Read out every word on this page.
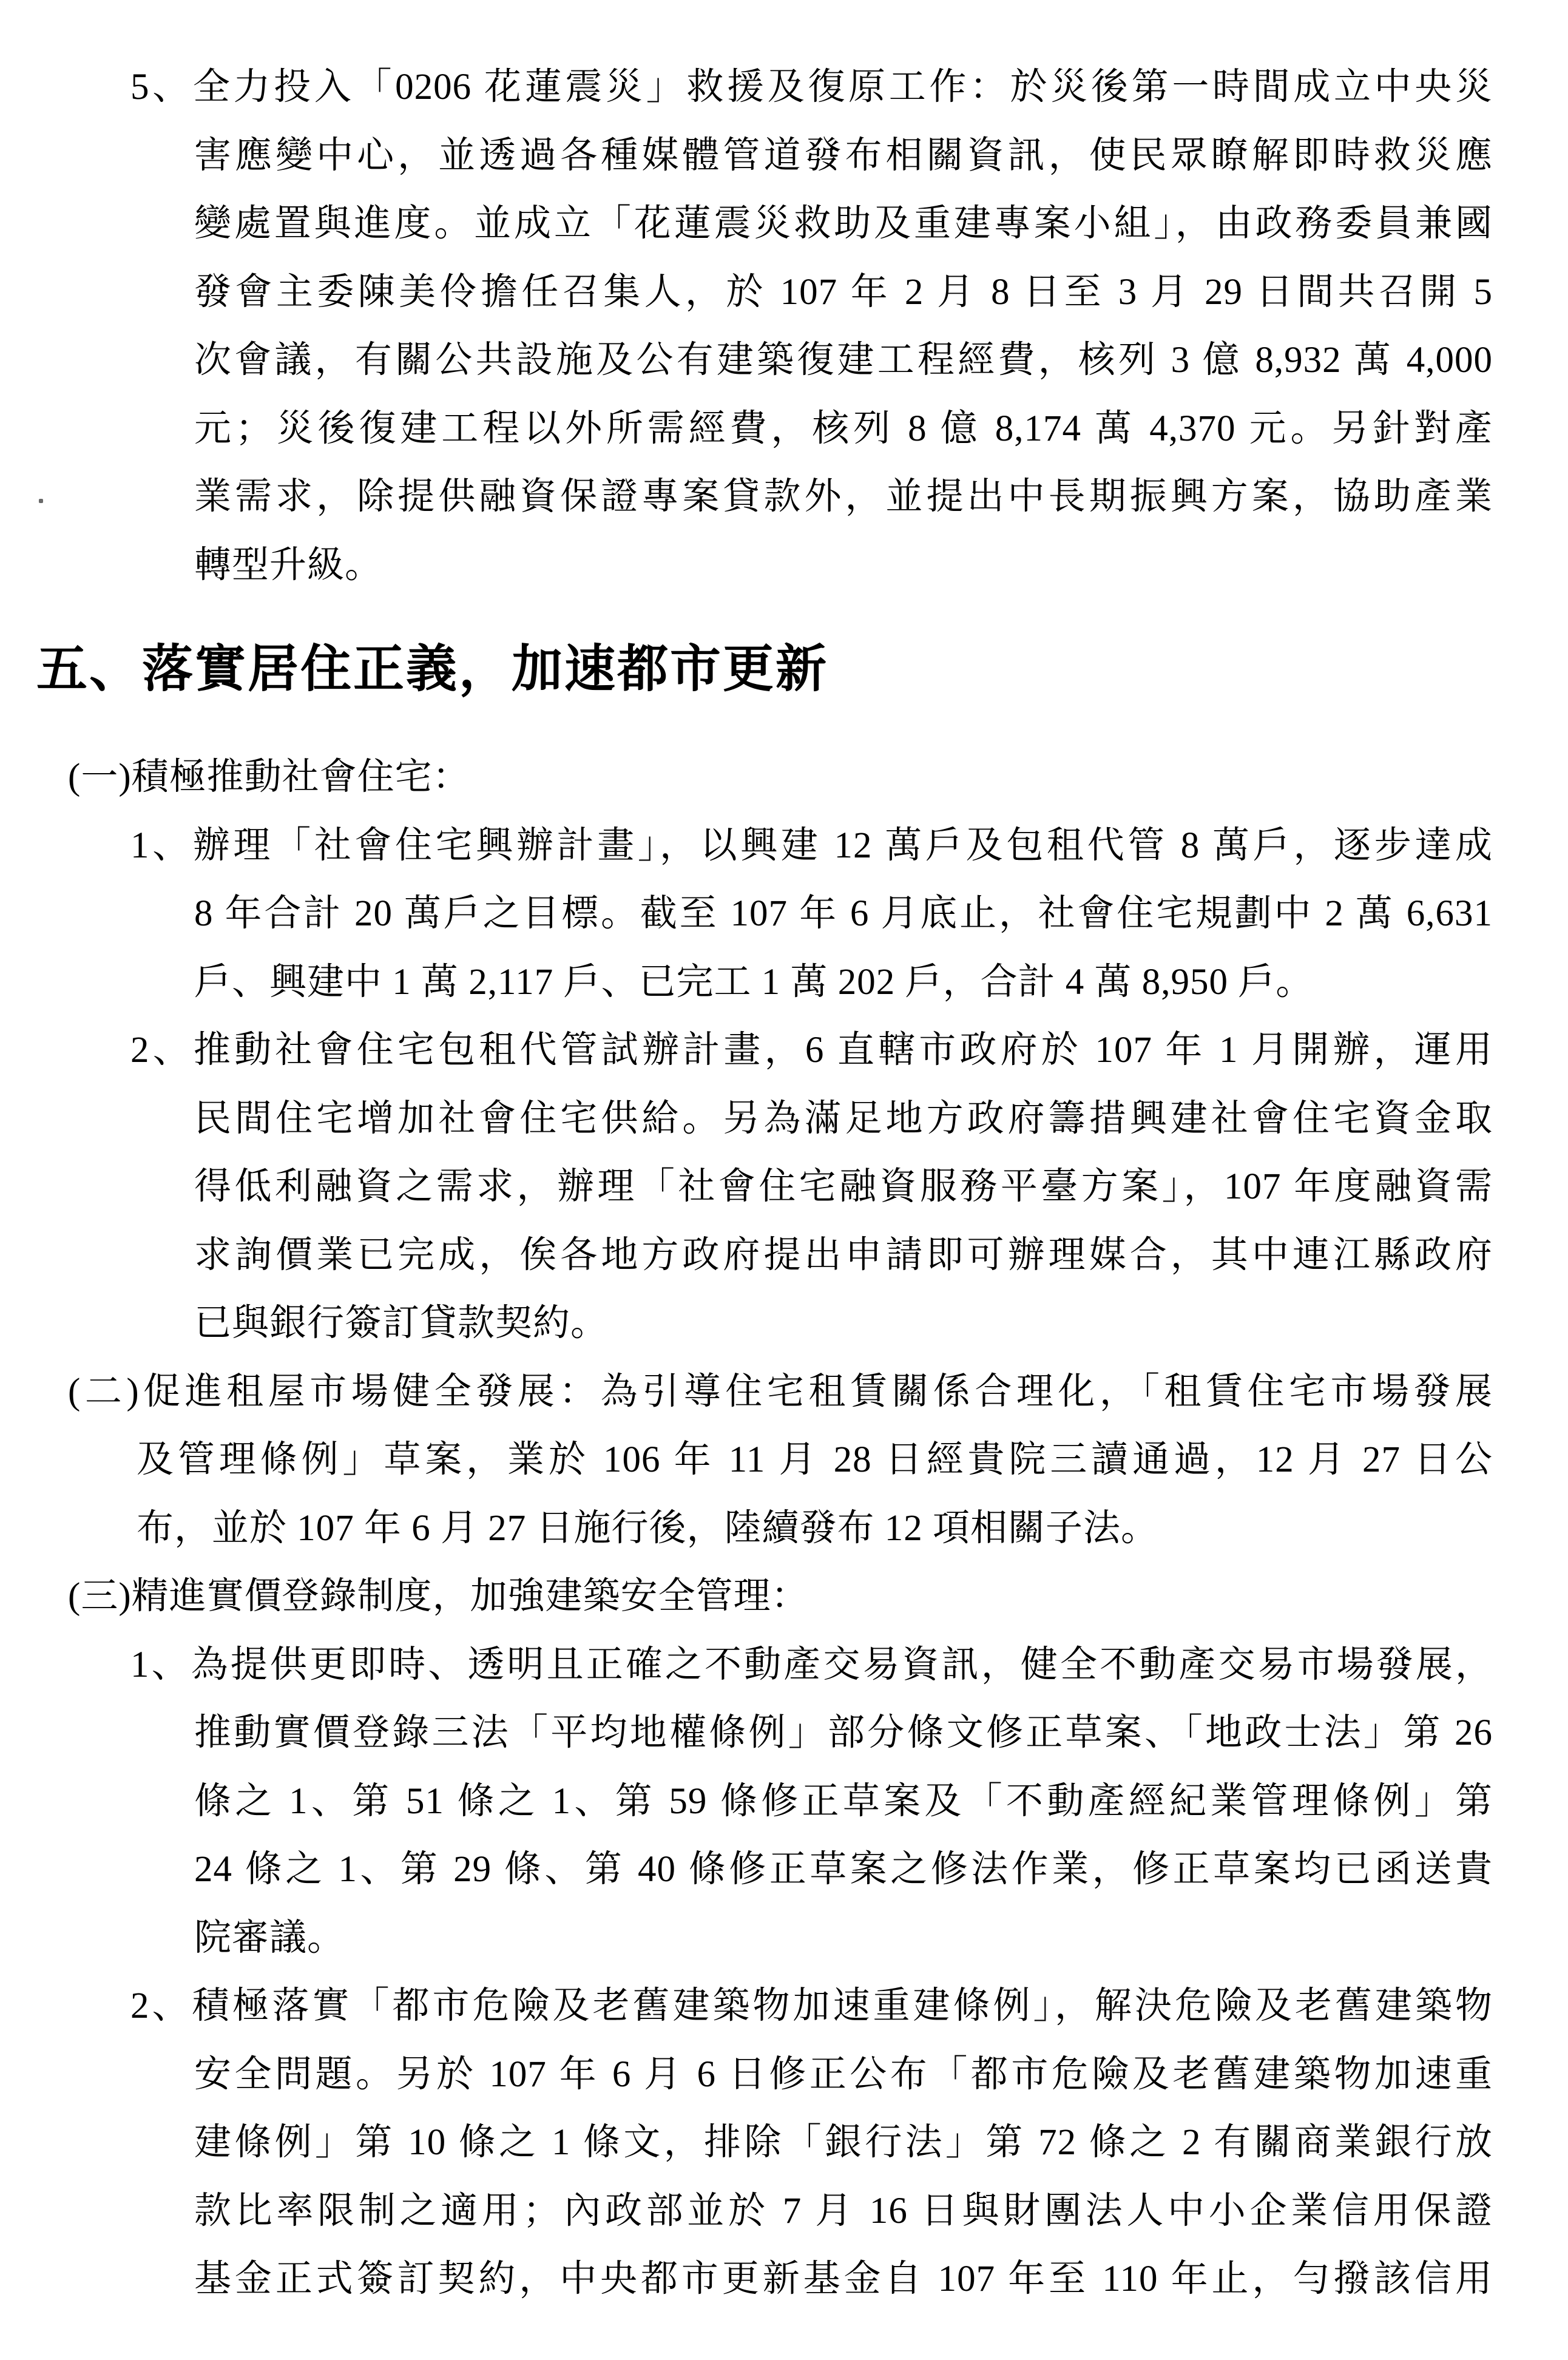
5、全力投入「0206 花蓮震災」救援及復原工作：於災後第一時間成立中央災
害應變中心，並透過各種媒體管道發布相關資訊，使民眾瞭解即時救災應
變處置與進度。並成立「花蓮震災救助及重建專案小組」，由政務委員兼國
發會主委陳美伶擔任召集人，於 107 年 2 月 8 日至 3 月 29 日間共召開 5
次會議，有關公共設施及公有建築復建工程經費，核列 3 億 8,932 萬 4,000
元；災後復建工程以外所需經費，核列 8 億 8,174 萬 4,370 元。另針對產
業需求，除提供融資保證專案貸款外，並提出中長期振興方案，協助產業
轉型升級。
五、落實居住正義，加速都市更新
(一)積極推動社會住宅：
1、辦理「社會住宅興辦計畫」，以興建 12 萬戶及包租代管 8 萬戶，逐步達成
8 年合計 20 萬戶之目標。截至 107 年 6 月底止，社會住宅規劃中 2 萬 6,631
戶、興建中 1 萬 2,117 戶、已完工 1 萬 202 戶，合計 4 萬 8,950 戶。
2、推動社會住宅包租代管試辦計畫，6 直轄市政府於 107 年 1 月開辦，運用
民間住宅增加社會住宅供給。另為滿足地方政府籌措興建社會住宅資金取
得低利融資之需求，辦理「社會住宅融資服務平臺方案」，107 年度融資需
求詢價業已完成，俟各地方政府提出申請即可辦理媒合，其中連江縣政府
已與銀行簽訂貸款契約。
(二)促進租屋市場健全發展：為引導住宅租賃關係合理化，「租賃住宅市場發展
及管理條例」草案，業於 106 年 11 月 28 日經貴院三讀通過，12 月 27 日公
布，並於 107 年 6 月 27 日施行後，陸續發布 12 項相關子法。
(三)精進實價登錄制度，加強建築安全管理：
1、為提供更即時、透明且正確之不動產交易資訊，健全不動產交易市場發展，
推動實價登錄三法「平均地權條例」部分條文修正草案、「地政士法」第 26
條之 1、第 51 條之 1、第 59 條修正草案及「不動產經紀業管理條例」第
24 條之 1、第 29 條、第 40 條修正草案之修法作業，修正草案均已函送貴
院審議。
2、積極落實「都市危險及老舊建築物加速重建條例」，解決危險及老舊建築物
安全問題。另於 107 年 6 月 6 日修正公布「都市危險及老舊建築物加速重
建條例」第 10 條之 1 條文，排除「銀行法」第 72 條之 2 有關商業銀行放
款比率限制之適用；內政部並於 7 月 16 日與財團法人中小企業信用保證
基金正式簽訂契約，中央都市更新基金自 107 年至 110 年止，勻撥該信用
